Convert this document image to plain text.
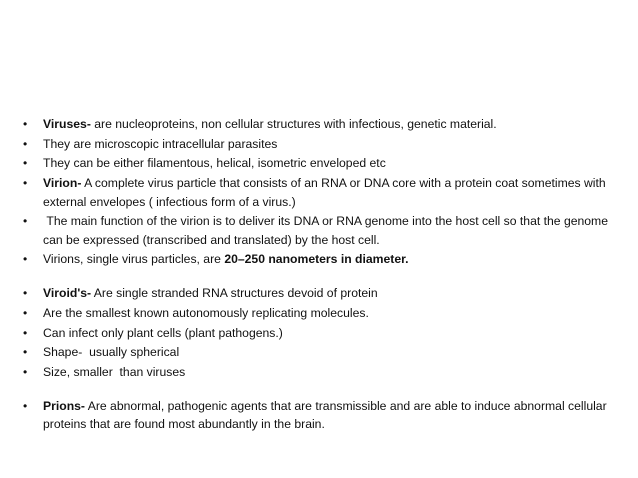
• Viruses- are nucleoproteins, non cellular structures with infectious, genetic material.
• They are microscopic intracellular parasites
• They can be either filamentous, helical, isometric enveloped etc
• Virion- A complete virus particle that consists of an RNA or DNA core with a protein coat sometimes with external envelopes ( infectious form of a virus.)
• The main function of the virion is to deliver its DNA or RNA genome into the host cell so that the genome can be expressed (transcribed and translated) by the host cell.
• Virions, single virus particles, are 20–250 nanometers in diameter.
• Viroid's- Are single stranded RNA structures devoid of protein
• Are the smallest known autonomously replicating molecules.
• Can infect only plant cells (plant pathogens.)
• Shape-  usually spherical
• Size, smaller  than viruses
• Prions- Are abnormal, pathogenic agents that are transmissible and are able to induce abnormal cellular proteins that are found most abundantly in the brain.
